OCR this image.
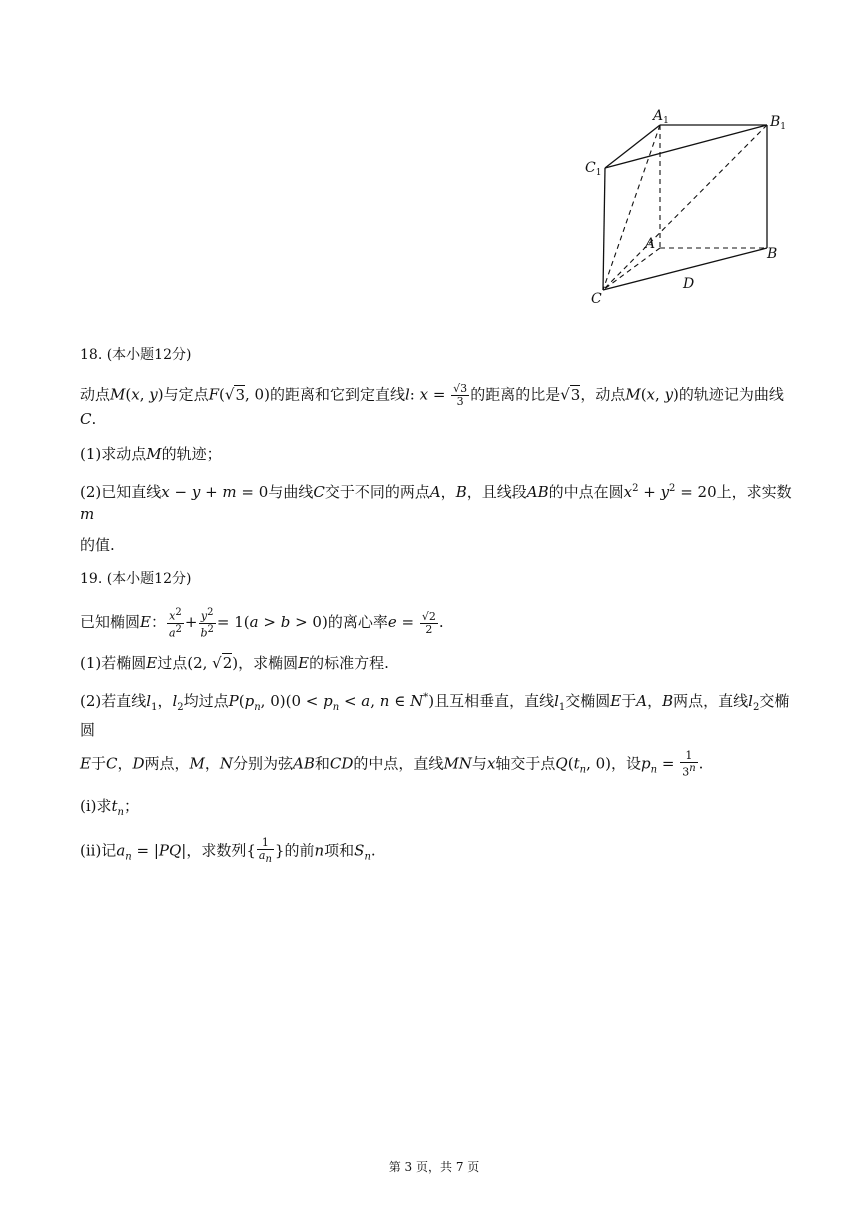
$A_1$	$B_1$
$C_1$
A
B
C
D
18. (本小题12分)
动点M(x, y)与定点F(√3, 0)的距离和它到定直线l: $x = \frac{√3}{3}$ 的距离的比是√3，动点M(x, y)的轨迹记为曲线C.
(1)求动点M的轨迹；
(2)已知直线x − y + m = 0与曲线C交于不同的两点A，B，且线段AB的中点在圆$x^2 + y^2 = 20$上，求实数m
的值.
19. (本小题12分)
已知椭圆E： $\frac{x^2}{a^2} + \frac{y^2}{b^2} = 1(a > b > 0)$的离心率$e = \frac{√2}{2}$ .
(1)若椭圆E过点(2, √2)，求椭圆E的标准方程.
(2)若直线$l_1$，$l_2$均过点$P(p_n$, $0)(0 < p_n < a$, n ∈ N*)且互相垂直，直线$l_1$交椭圆E于A，B两点，直线$l_2$交椭圆
E于C，D两点，M，N分别为弦AB和CD的中点，直线MN与x轴交于点$Q(t_n$, 0)，设$p_n = \frac{1}{3^n}$ .
(i)求$t_n$；
(ii)记$a_n = |PQ|$，求数列{ $\frac{1}{a_n}$ }的前n项和$S_n$.
第 3 页，共 7 页
